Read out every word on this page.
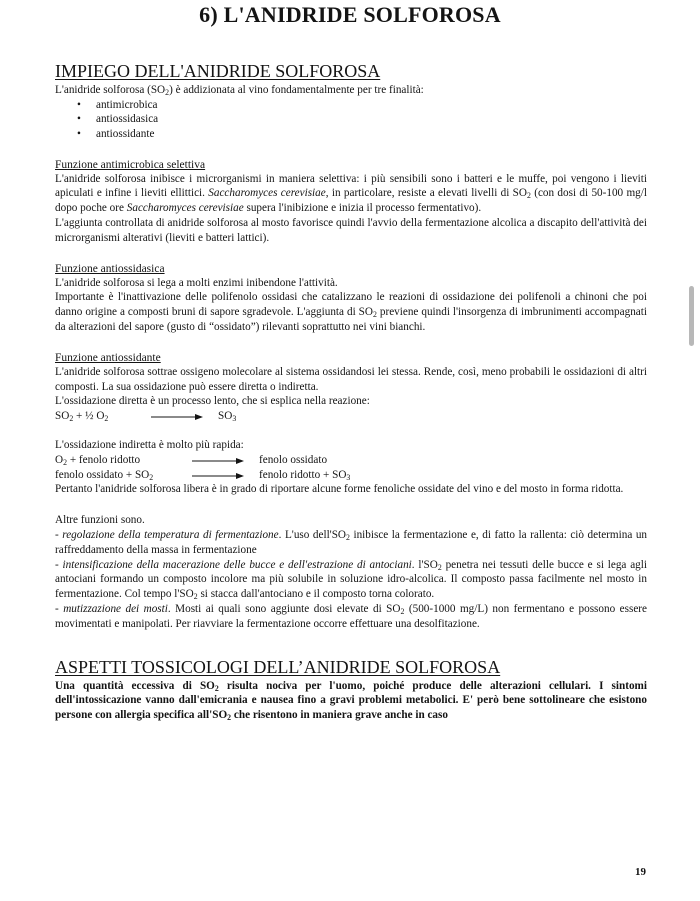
6) L'ANIDRIDE SOLFOROSA
IMPIEGO DELL'ANIDRIDE SOLFOROSA

L'anidride solforosa $(SO_2)$ è addizionata al vino fondamentalmente per tre finalità:

• antimicrobica
• antiossidasica
• antiossidante
Funzione antimicrobica selettiva

L'anidride solforosa inibisce i microrganismi in maniera selettiva: i più sensibili sono i batteri e le muffe, poi vengono i lieviti apiculati e infine i lieviti ellittici. Saccharomyces cerevisiae, in particolare, resiste a elevati livelli di $SO_2$ (con dosi di 50-100 mg/l dopo poche ore Saccharomyces cerevisiae supera l'inibizione e inizia il processo fermentativo).

L'aggiunta controllata di anidride solforosa al mosto favorisce quindi l'avvio della fermentazione alcolica a discapito dell'attività dei microrganismi alterativi (lieviti e batteri lattici).

Funzione antiossidasica

L'anidride solforosa si lega a molti enzimi inibendone l'attività.

Importante è l'inattivazione delle polifenolo ossidasi che catalizzano le reazioni di ossidazione dei polifenoli a chinoni che poi danno origine a composti bruni di sapore sgradevole. L'aggiunta di $SO_2$ previene quindi l'insorgenza di imbrunimenti accompagnati da alterazioni del sapore (gusto di “ossidato”) rilevanti soprattutto nei vini bianchi.

Funzione antiossidante

L'anidride solforosa sottrae ossigeno molecolare al sistema ossidandosi lei stessa. Rende, così, meno probabili le ossidazioni di altri composti. La sua ossidazione può essere diretta o indiretta.

L'ossidazione diretta è un processo lento, che si esplica nella reazione:

$SO_2$ + ½ $O_2$	$SO_3$

L'ossidazione indiretta è molto più rapida:

$O_2$ + fenolo ridotto	fenolo ossidato
fenolo ossidato + $SO_2$	fenolo ridotto + $SO_3$

Pertanto l'anidride solforosa libera è in grado di riportare alcune forme fenoliche ossidate del vino e del mosto in forma ridotta.

Altre funzioni sono.

- regolazione della temperatura di fermentazione. L'uso $dell'SO_2$ inibisce la fermentazione e, di fatto la rallenta: ciò determina un raffreddamento della massa in fermentazione

- intensificazione della macerazione delle bucce e dell'estrazione di antociani. $l'SO_2$ penetra nei tessuti delle bucce e si lega agli antociani formando un composto incolore ma più solubile in soluzione idro-alcolica. Il composto passa facilmente nel mosto in fermentazione. Col tempo $l'SO_2$ si stacca dall'antociano e il composto torna colorato.

- mutizzazione dei mosti. Mosti ai quali sono aggiunte dosi elevate di $SO_2$ (500-1000 mg/L) non fermentano e possono essere movimentati e manipolati. Per riavviare la fermentazione occorre effettuare una desolfitazione.

ASPETTI TOSSICOLOGI DELL’ANIDRIDE SOLFOROSA

Una quantità eccessiva di $SO_2$ risulta nociva per l'uomo, poiché produce delle alterazioni cellulari. I sintomi dell'intossicazione vanno dall'emicrania e nausea fino a gravi problemi metabolici. E' però bene sottolineare che esistono persone con allergia specifica $all'SO_2$ che risentono in maniera grave anche in caso

19
